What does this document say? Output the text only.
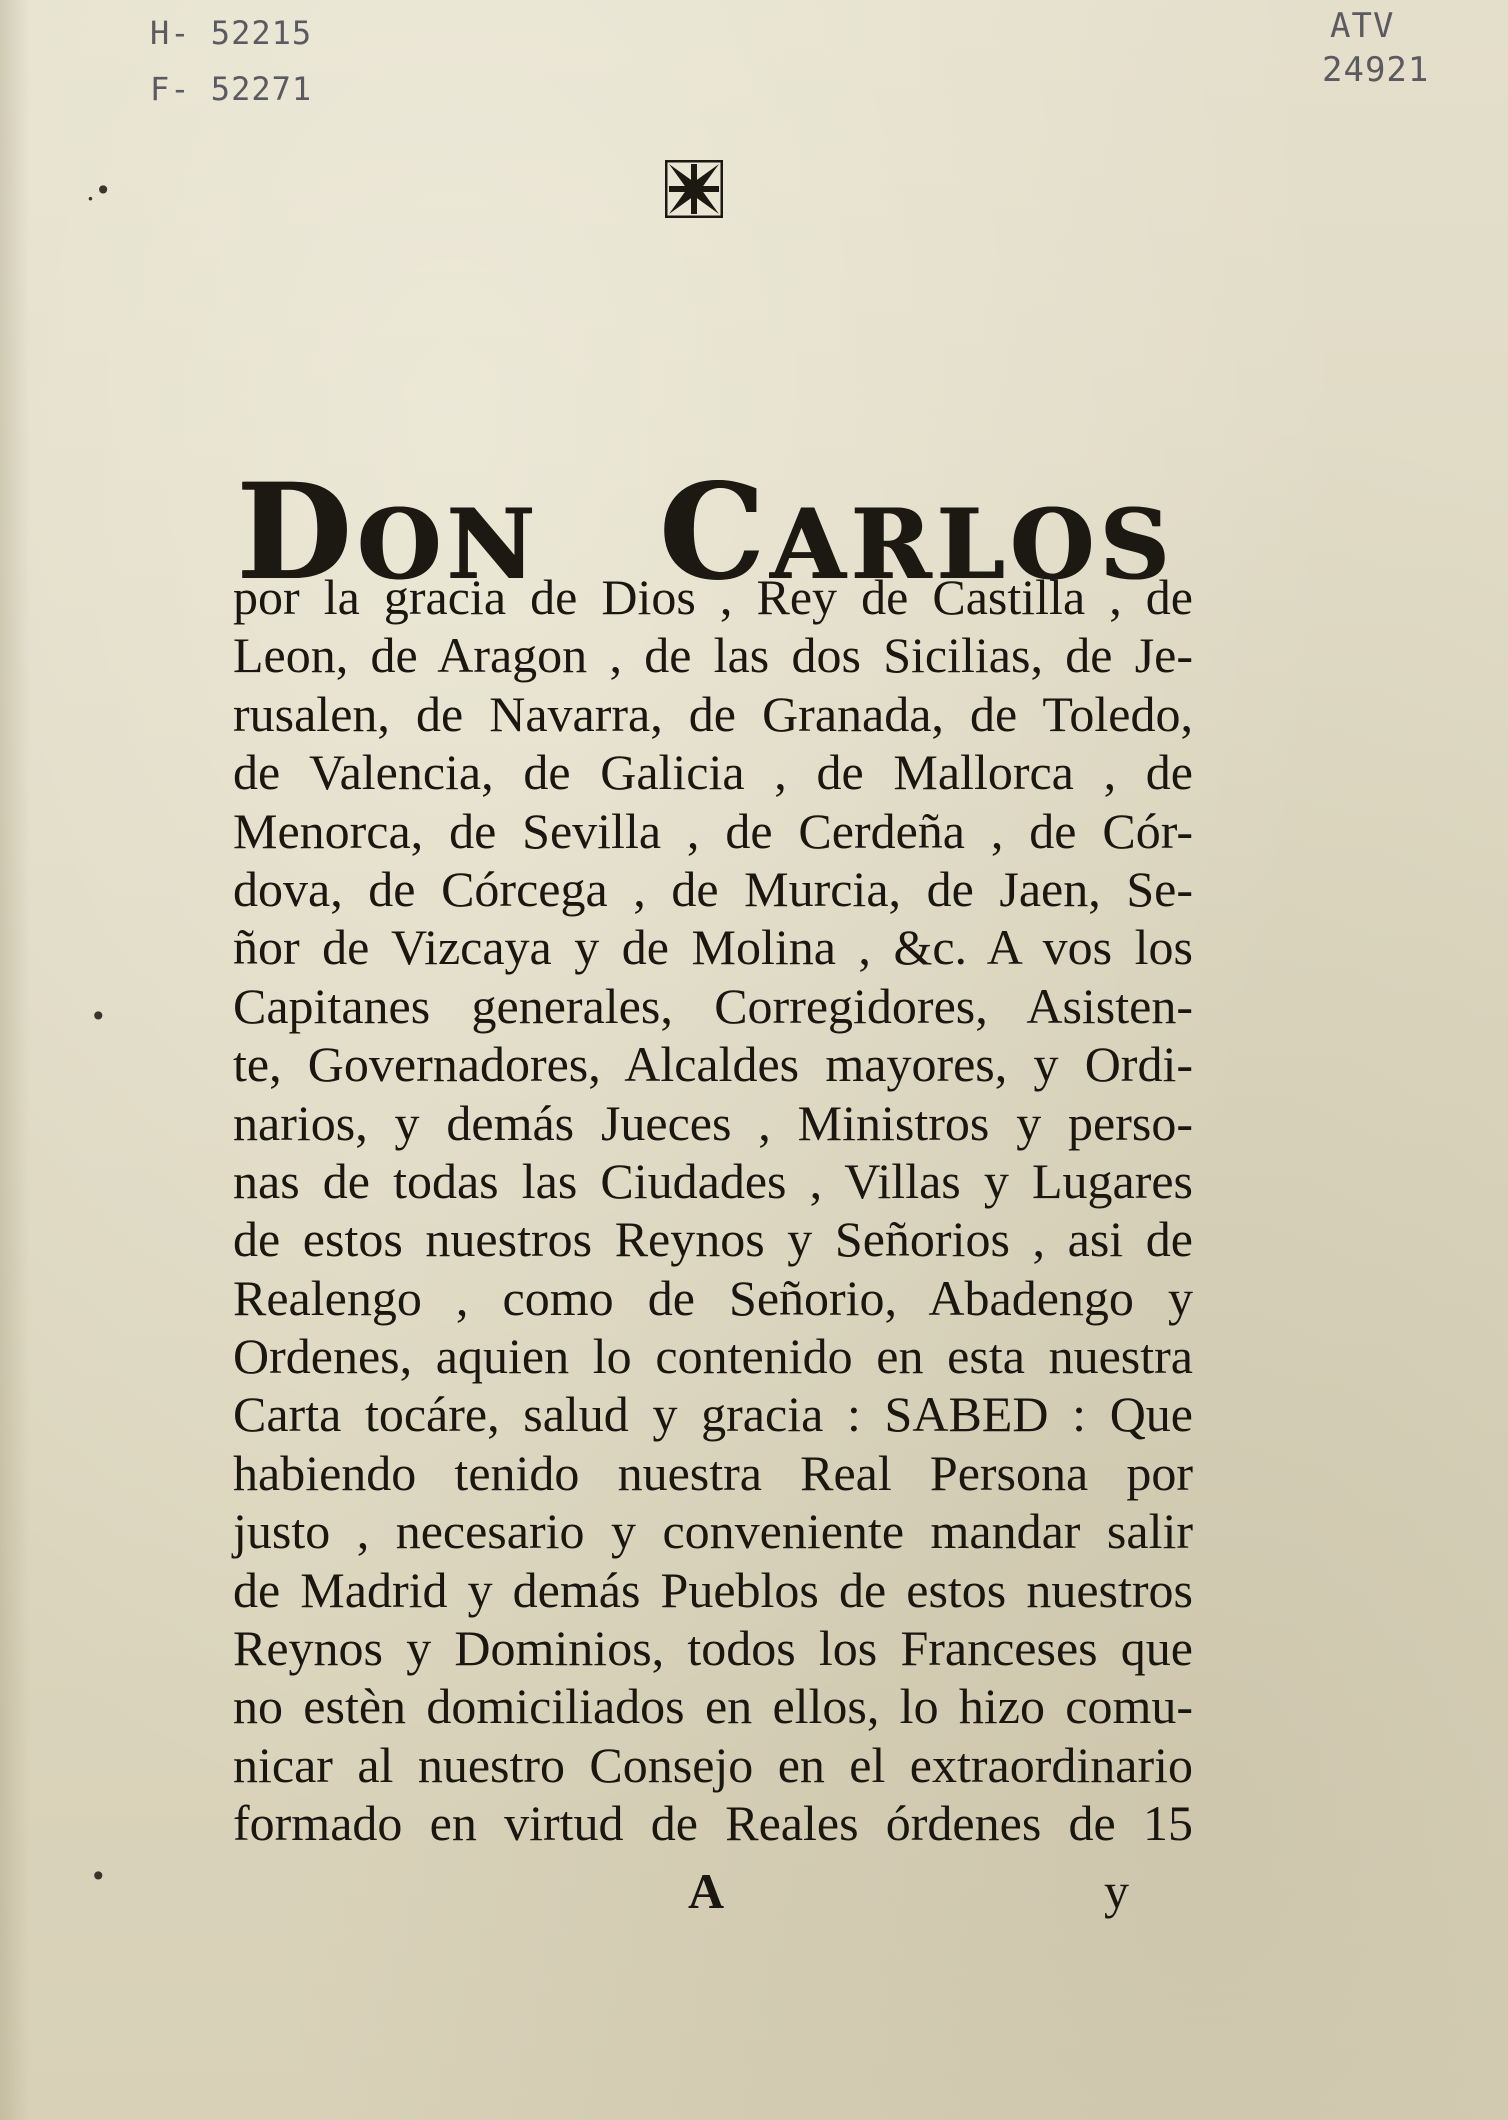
H- 52215
F- 52271
ATV
24921
.•
•
•
DON CARLOS
por la gracia de Dios , Rey de Castilla , de
Leon, de Aragon , de las dos Sicilias, de Je-
rusalen, de Navarra, de Granada, de Toledo,
de Valencia, de Galicia , de Mallorca , de
Menorca, de Sevilla , de Cerdeña , de Cór-
dova, de Córcega , de Murcia, de Jaen, Se-
ñor de Vizcaya y de Molina , &c. A vos los
Capitanes generales, Corregidores, Asisten-
te, Governadores, Alcaldes mayores, y Ordi-
narios, y demás Jueces , Ministros y perso-
nas de todas las Ciudades , Villas y Lugares
de estos nuestros Reynos y Señorios , asi de
Realengo , como de Señorio, Abadengo y
Ordenes, aquien lo contenido en esta nuestra
Carta tocáre, salud y gracia : SABED : Que
habiendo tenido nuestra Real Persona por
justo , necesario y conveniente mandar salir
de Madrid y demás Pueblos de estos nuestros
Reynos y Dominios, todos los Franceses que
no estèn domiciliados en ellos, lo hizo comu-
nicar al nuestro Consejo en el extraordinario
formado en virtud de Reales órdenes de 15
A	y
